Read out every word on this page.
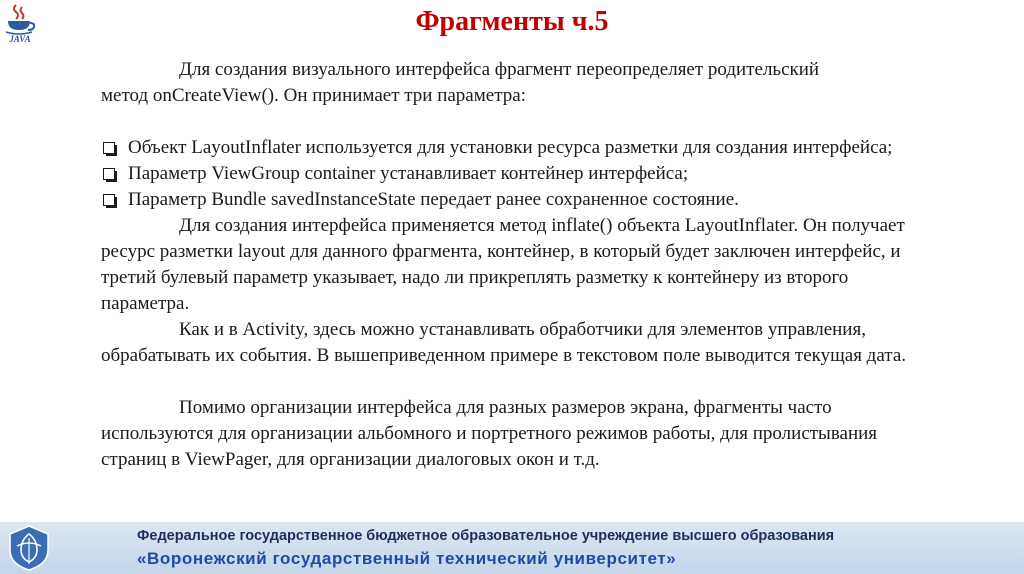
JAVA
Фрагменты ч.5

Для создания визуального интерфейса фрагмент переопределяет родительский

метод onCreateView(). Он принимает три параметра:

Объект LayoutInflater используется для установки ресурса разметки для создания интерфейса;
Параметр ViewGroup container устанавливает контейнер интерфейса;
Параметр Bundle savedInstanceState передает ранее сохраненное состояние.

Для создания интерфейса применяется метод inflate() объекта LayoutInflater. Он получает ресурс разметки layout для данного фрагмента, контейнер, в который будет заключен интерфейс, и третий булевый параметр указывает, надо ли прикреплять разметку к контейнеру из второго параметра.

Как и в Activity, здесь можно устанавливать обработчики для элементов управления, обрабатывать их события. В вышеприведенном примере в текстовом поле выводится текущая дата.

Помимо организации интерфейса для разных размеров экрана, фрагменты часто используются для организации альбомного и портретного режимов работы, для пролистывания страниц в ViewPager, для организации диалоговых окон и т.д.

Федеральное государственное бюджетное образовательное учреждение высшего образования
«Воронежский государственный технический университет»
